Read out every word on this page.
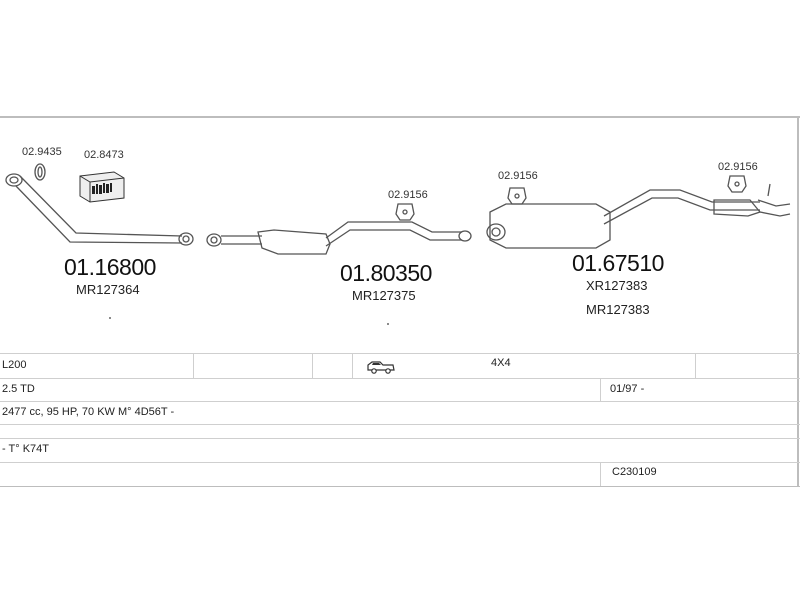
02.9435 02.8473
02.9156
02.9156
02.9156
01.16800
MR127364
01.80350
MR127375
01.67510
XR127383
MR127383
L200	4X4
2.5 TD	01/97 -
2477 cc, 95 HP, 70 KW M° 4D56T -
- T° K74T
C230109
